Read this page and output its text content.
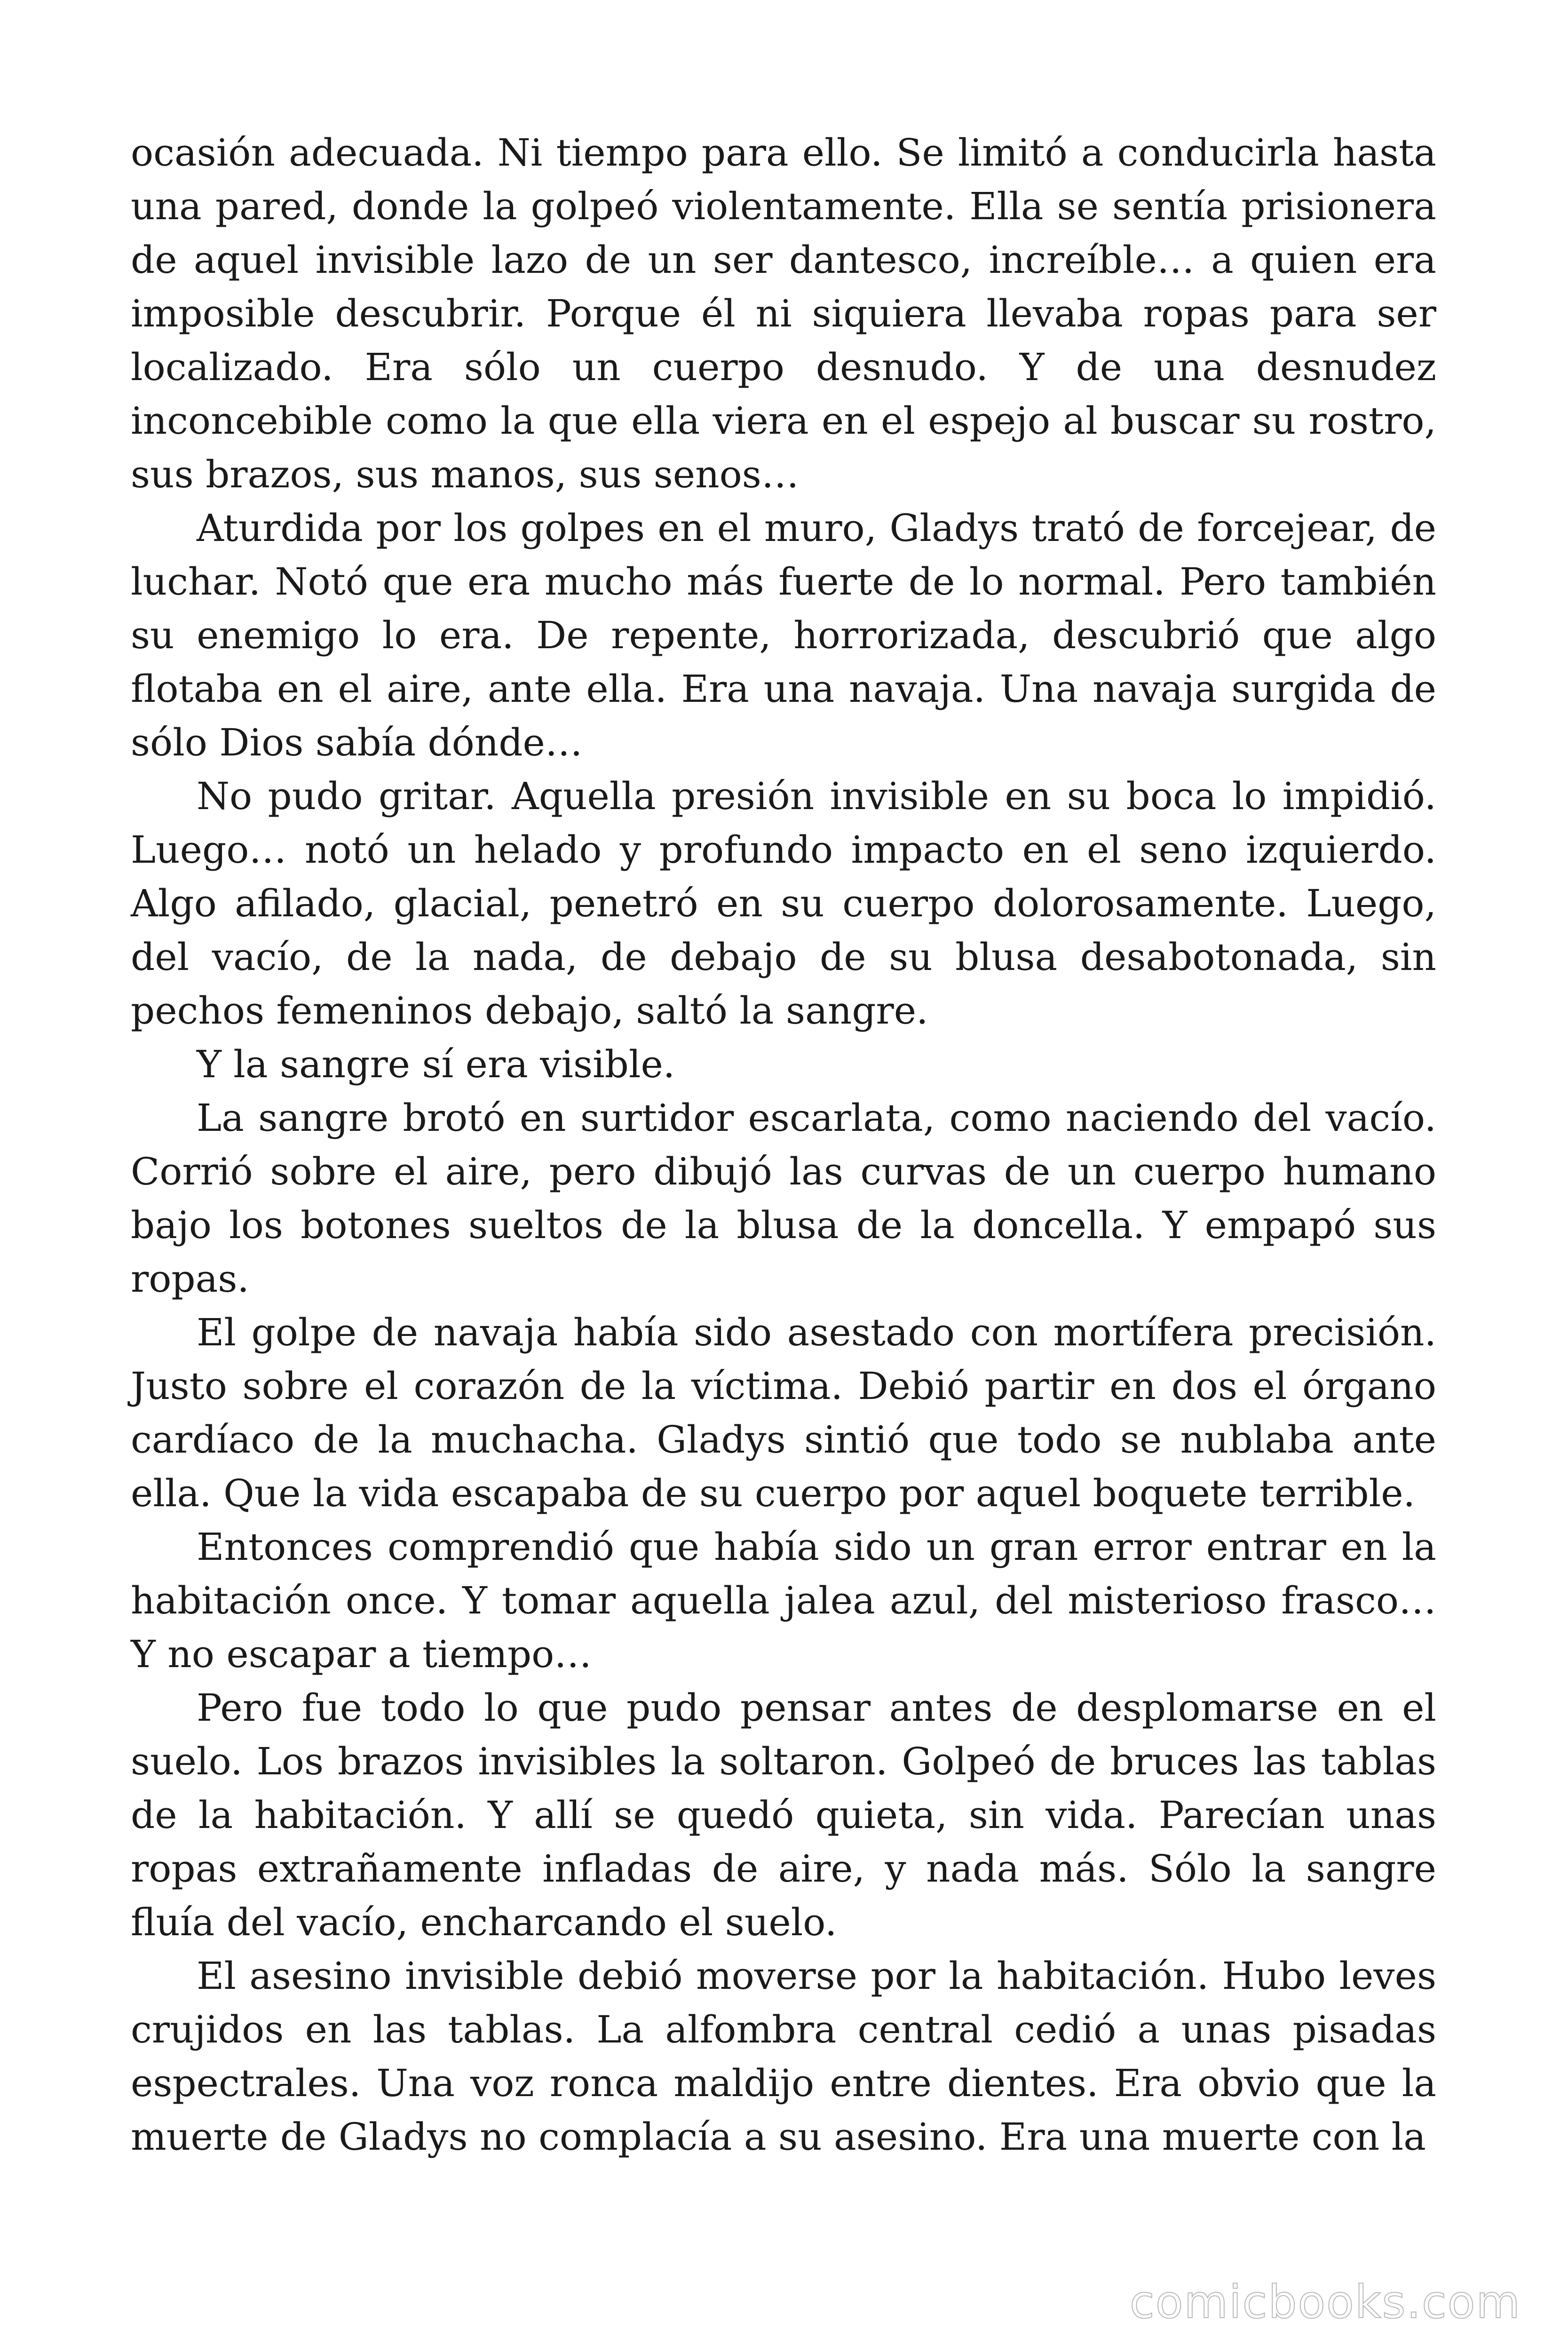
ocasión adecuada. Ni tiempo para ello. Se limitó a conducirla hasta una pared, donde la golpeó violentamente. Ella se sentía prisionera de aquel invisible lazo de un ser dantesco, increíble… a quien era imposible descubrir. Porque él ni siquiera llevaba ropas para ser localizado. Era sólo un cuerpo desnudo. Y de una desnudez inconcebible como la que ella viera en el espejo al buscar su rostro, sus brazos, sus manos, sus senos…

Aturdida por los golpes en el muro, Gladys trató de forcejear, de luchar. Notó que era mucho más fuerte de lo normal. Pero también su enemigo lo era. De repente, horrorizada, descubrió que algo flotaba en el aire, ante ella. Era una navaja. Una navaja surgida de sólo Dios sabía dónde…

No pudo gritar. Aquella presión invisible en su boca lo impidió. Luego… notó un helado y profundo impacto en el seno izquierdo. Algo afilado, glacial, penetró en su cuerpo dolorosamente. Luego, del vacío, de la nada, de debajo de su blusa desabotonada, sin pechos femeninos debajo, saltó la sangre.

Y la sangre sí era visible.

La sangre brotó en surtidor escarlata, como naciendo del vacío. Corrió sobre el aire, pero dibujó las curvas de un cuerpo humano bajo los botones sueltos de la blusa de la doncella. Y empapó sus ropas.

El golpe de navaja había sido asestado con mortífera precisión. Justo sobre el corazón de la víctima. Debió partir en dos el órgano cardíaco de la muchacha. Gladys sintió que todo se nublaba ante ella. Que la vida escapaba de su cuerpo por aquel boquete terrible.

Entonces comprendió que había sido un gran error entrar en la habitación once. Y tomar aquella jalea azul, del misterioso frasco… Y no escapar a tiempo…

Pero fue todo lo que pudo pensar antes de desplomarse en el suelo. Los brazos invisibles la soltaron. Golpeó de bruces las tablas de la habitación. Y allí se quedó quieta, sin vida. Parecían unas ropas extrañamente infladas de aire, y nada más. Sólo la sangre fluía del vacío, encharcando el suelo.

El asesino invisible debió moverse por la habitación. Hubo leves crujidos en las tablas. La alfombra central cedió a unas pisadas espectrales. Una voz ronca maldijo entre dientes. Era obvio que la muerte de Gladys no complacía a su asesino. Era una muerte con la

comicbooks.com
